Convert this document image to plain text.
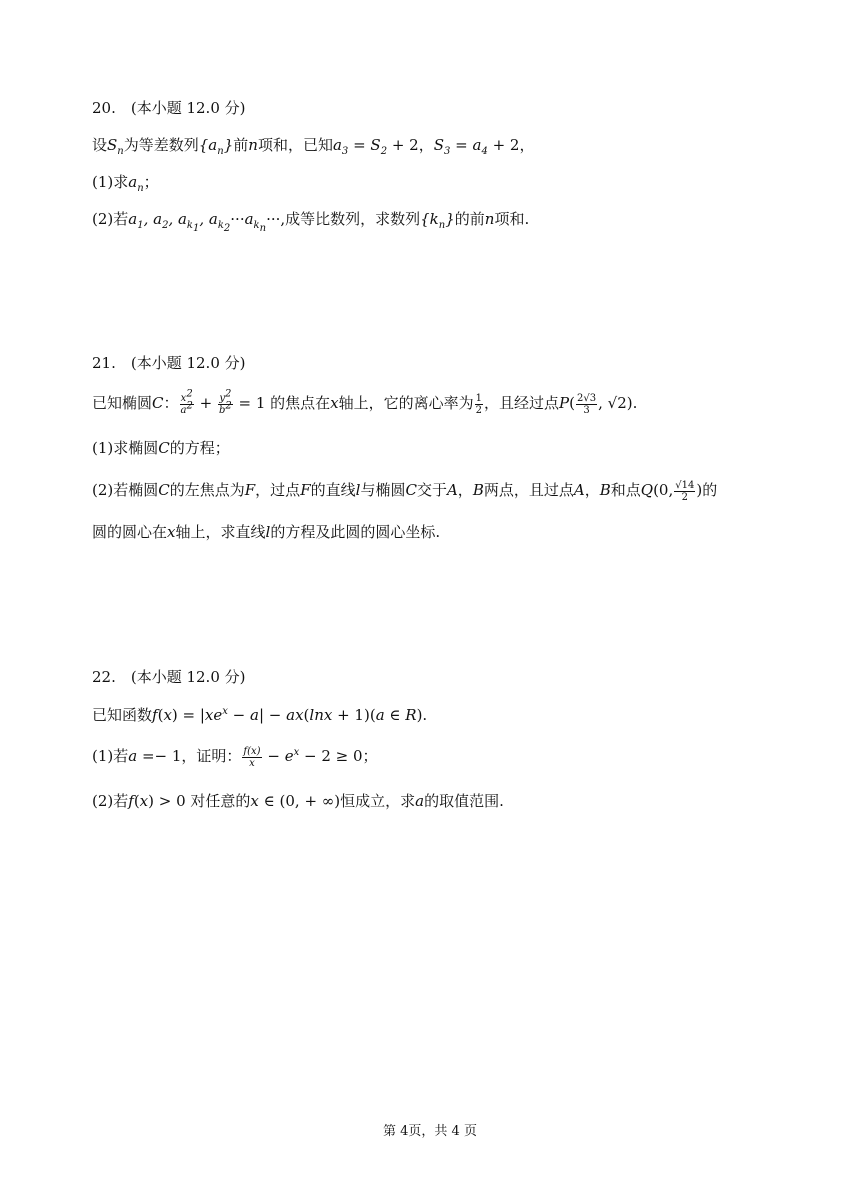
20.　(本小题 12.0 分)
设$S_n$为等差数列$\{a_n\}$前n项和，已知$a_3 = S_2 + 2$，$S_3 = a_4 + 2$，
(1)求$a_n$；
(2)若$a_1$, $a_2$, $a_{k_1}$, $a_{k_2}\cdot\cdot\cdot a_{k_n}\cdot\cdot\cdot$,成等比数列，求数列$\{k_n\}$的前n项和.
21.　(本小题 12.0 分)
已知椭圆C： $\frac{x^2}{a^2} + \frac{y^2}{b^2} = 1$ 的焦点在x轴上，它的离心率为 $\frac{1}{2}$ ，且经过点$P( \frac{2√3}{3}$ , √2).
(1)求椭圆C的方程；
(2)若椭圆C的左焦点为F，过点F的直线l与椭圆C交于A，B两点，且过点A，B和点Q(0, $\frac{√14}{2}$ )的
圆的圆心在x轴上，求直线l的方程及此圆的圆心坐标.
22.　(本小题 12.0 分)
已知函数$f(x) = |xe^x - a| - ax(\ln x + 1)(a$ ∈ R).
(1)若a =− 1，证明： $\frac{f(x)}{x} - e^x - 2 \ge 0$；
(2)若f(x) > 0 对任意的x ∈ (0, + ∞)恒成立，求a的取值范围.
第 4页，共 4 页
